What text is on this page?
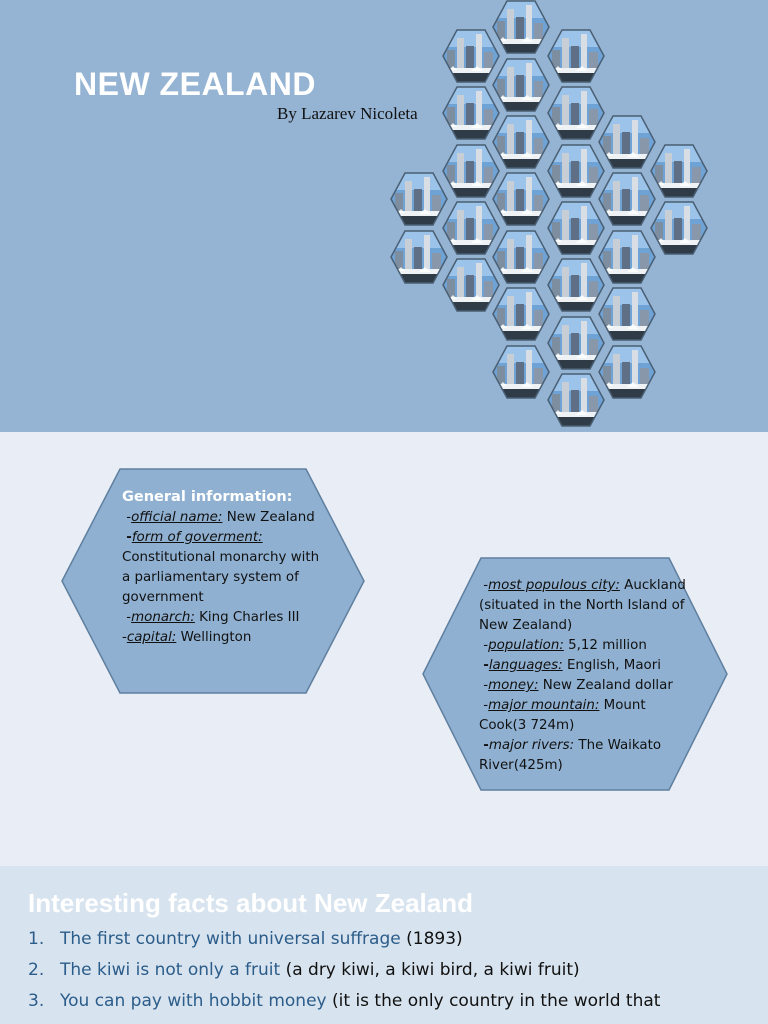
NEW ZEALAND
By Lazarev Nicoleta
General information:
-official name: New Zealand
-form of goverment: Constitutional monarchy with a parliamentary system of government
-monarch: King Charles III
-capital: Wellington
-most populous city: Auckland (situated in the North Island of New Zealand)
-population: 5,12 million
-languages: English, Maori
-money: New Zealand dollar
-major mountain: Mount Cook(3 724m)
-major rivers: The Waikato River(425m)
Interesting facts about New Zealand
1. The first country with universal suffrage (1893)
2. The kiwi is not only a fruit (a dry kiwi, a kiwi bird, a kiwi fruit)
3. You can pay with hobbit money (it is the only country in the world that
